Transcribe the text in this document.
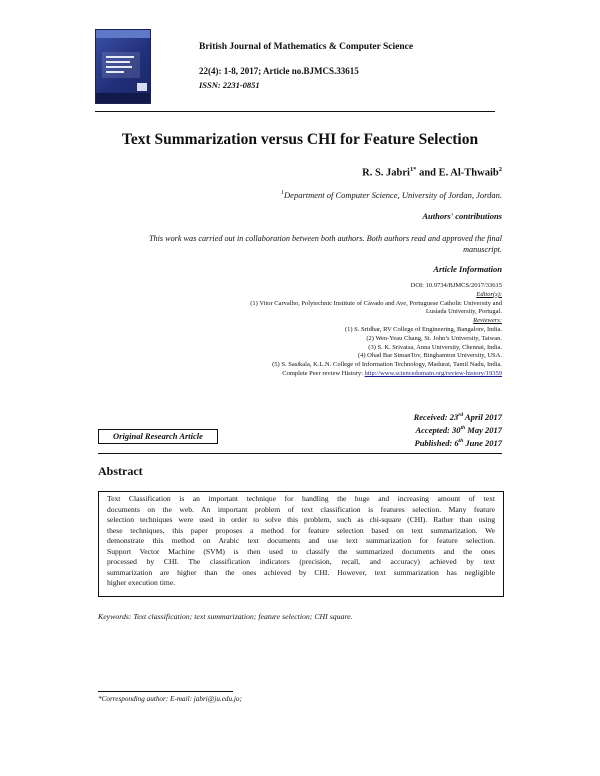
British Journal of Mathematics & Computer Science
22(4): 1-8, 2017; Article no.BJMCS.33615
ISSN: 2231-0851
Text Summarization versus CHI for Feature Selection
R. S. Jabri$^{1*}$ and E. Al-Thwaib$^2$
$^1$Department of Computer Science, University of Jordan, Jordan.
Authors' contributions
This work was carried out in collaboration between both authors. Both authors read and approved the final
manuscript.
Article Information
DOI: 10.9734/BJMCS/2017/33615
Editor(s):
(1) Vitor Carvalho, Polytechnic Institute of Cávado and Ave, Portuguese Catholic University and
Lusíada University, Portugal.
Reviewers:
(1) S. Sridhar, RV College of Engineering, Bangalore, India.
(2) Wen-Yeau Chang, St. John’s University, Taiwan.
(3) S. K. Srivatsa, Anna University, Chennai, India.
(4) Ohad Bar SimanTov, Binghamton University, USA.
(5) S. Sasikala, K.L.N. College of Information Technology, Madurai, Tamil Nadu, India.
Complete Peer review History: http://www.sciencedomain.org/review-history/19359
Received: 23rd April 2017
Accepted: 30th May 2017
Published: 6th June 2017
Original Research Article
Abstract
Text Classification is an important technique for handling the huge and increasing amount of text
documents on the web. An important problem of text classification is features selection. Many feature
selection techniques were used in order to solve this problem, such as chi-square (CHI). Rather than using
these techniques, this paper proposes a method for feature selection based on text summarization. We
demonstrate this method on Arabic text documents and use text summarization for feature selection.
Support Vector Machine (SVM) is then used to classify the summarized documents and the ones
processed by CHI. The classification indicators (precision, recall, and accuracy) achieved by text
summarization are higher than the ones achieved by CHI. However, text summarization has negligible
higher execution time.
Keywords: Text classification; text summarization; feature selection; CHI square.
*Corresponding author: E-mail: jabri@ju.edu.jo;
